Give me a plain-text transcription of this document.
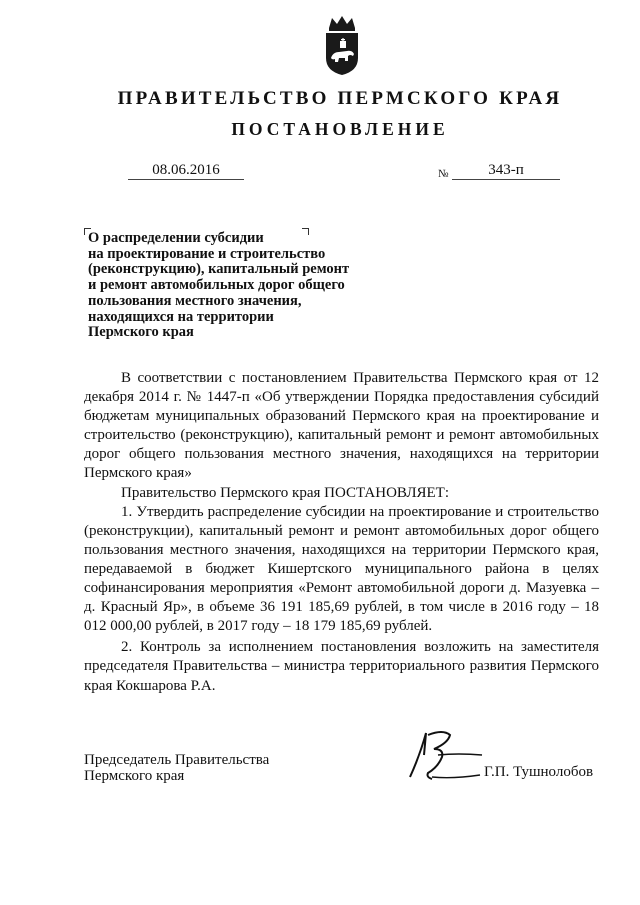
ПРАВИТЕЛЬСТВО ПЕРМСКОГО КРАЯ
ПОСТАНОВЛЕНИЕ
08.06.2016	№	343-п
О распределении субсидии
на проектирование и строительство
(реконструкцию), капитальный ремонт
и ремонт автомобильных дорог общего
пользования местного значения,
находящихся на территории
Пермского края

В соответствии с постановлением Правительства Пермского края от 12 декабря 2014 г. № 1447-п «Об утверждении Порядка предоставления субсидий бюджетам муниципальных образований Пермского края на проектирование и строительство (реконструкцию), капитальный ремонт и ремонт автомобильных дорог общего пользования местного значения, находящихся на территории Пермского края»

Правительство Пермского края ПОСТАНОВЛЯЕТ:

1. Утвердить распределение субсидии на проектирование и строительство (реконструкции), капитальный ремонт и ремонт автомобильных дорог общего пользования местного значения, находящихся на территории Пермского края, передаваемой в бюджет Кишертского муниципального района в целях софинансирования мероприятия «Ремонт автомобильной дороги д. Мазуевка – д. Красный Яр», в объеме 36 191 185,69 рублей, в том числе в 2016 году – 18 012 000,00 рублей, в 2017 году – 18 179 185,69 рублей.

2. Контроль за исполнением постановления возложить на заместителя председателя Правительства – министра территориального развития Пермского края Кокшарова Р.А.

Председатель Правительства
Пермского края	Г.П. Тушнолобов
